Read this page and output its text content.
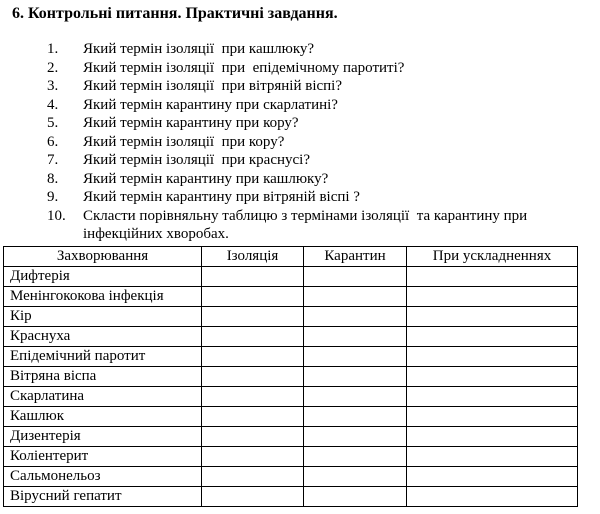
6. Контрольні питання. Практичні завдання.
1.	Який термін ізоляції  при кашлюку?
2.	Який термін ізоляції  при  епідемічному паротиті?
3.	Який термін ізоляції  при вітряній віспі?
4.	Який термін карантину при скарлатині?
5.	Який термін карантину при кору?
6.	Який термін ізоляції  при кору?
7.	Який термін ізоляції  при краснусі?
8.	Який термін карантину при кашлюку?
9.	Який термін карантину при вітряній віспі ?
10.	Скласти порівняльну таблицю з термінами ізоляції  та карантину при інфекційних хворобах.
Захворювання	Ізоляція	Карантин	При ускладненнях
Дифтерія			
Менінгококова інфекція			
Кір			
Краснуха			
Епідемічний паротит			
Вітряна віспа			
Скарлатина			
Кашлюк			
Дизентерія			
Коліентерит			
Сальмонельоз			
Вірусний гепатит			
